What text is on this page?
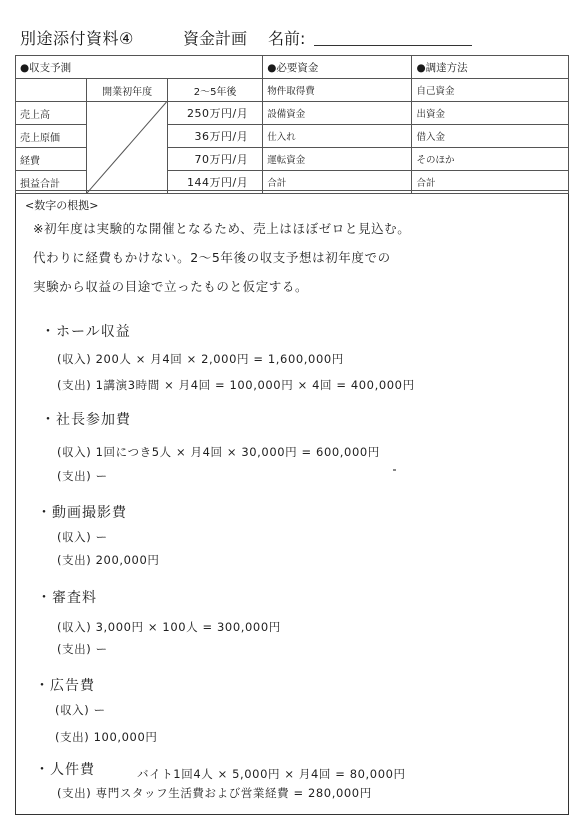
別途添付資料④	資金計画 名前:
●収支予測			●必要資金	●調達方法
	開業初年度	2～5年後	物件取得費	自己資金
売上高		250万円/月	設備資金	出資金
売上原価		36万円/月	仕入れ	借入金
経費		70万円/月	運転資金	そのほか
損益合計		144万円/月	合計	合計
<数字の根拠>
※初年度は実験的な開催となるため、売上はほぼゼロと見込む。
代わりに経費もかけない。2～5年後の収支予想は初年度での
実験から収益の目途で立ったものと仮定する。
・ホール収益
(収入) 200人 × 月4回 × 2,000円 = 1,600,000円
(支出) 1講演3時間 × 月4回 = 100,000円 × 4回 = 400,000円
・社長参加費
(収入) 1回につき5人 × 月4回 × 30,000円 = 600,000円
(支出) ー
・動画撮影費
(収入) ー
(支出) 200,000円
・審査料
(収入) 3,000円 × 100人 = 300,000円
(支出) ー
・広告費
(収入) ー
(支出) 100,000円
・人件費	バイト1回4人 × 5,000円 × 月4回 = 80,000円
(支出) 専門スタッフ生活費および営業経費 = 280,000円
